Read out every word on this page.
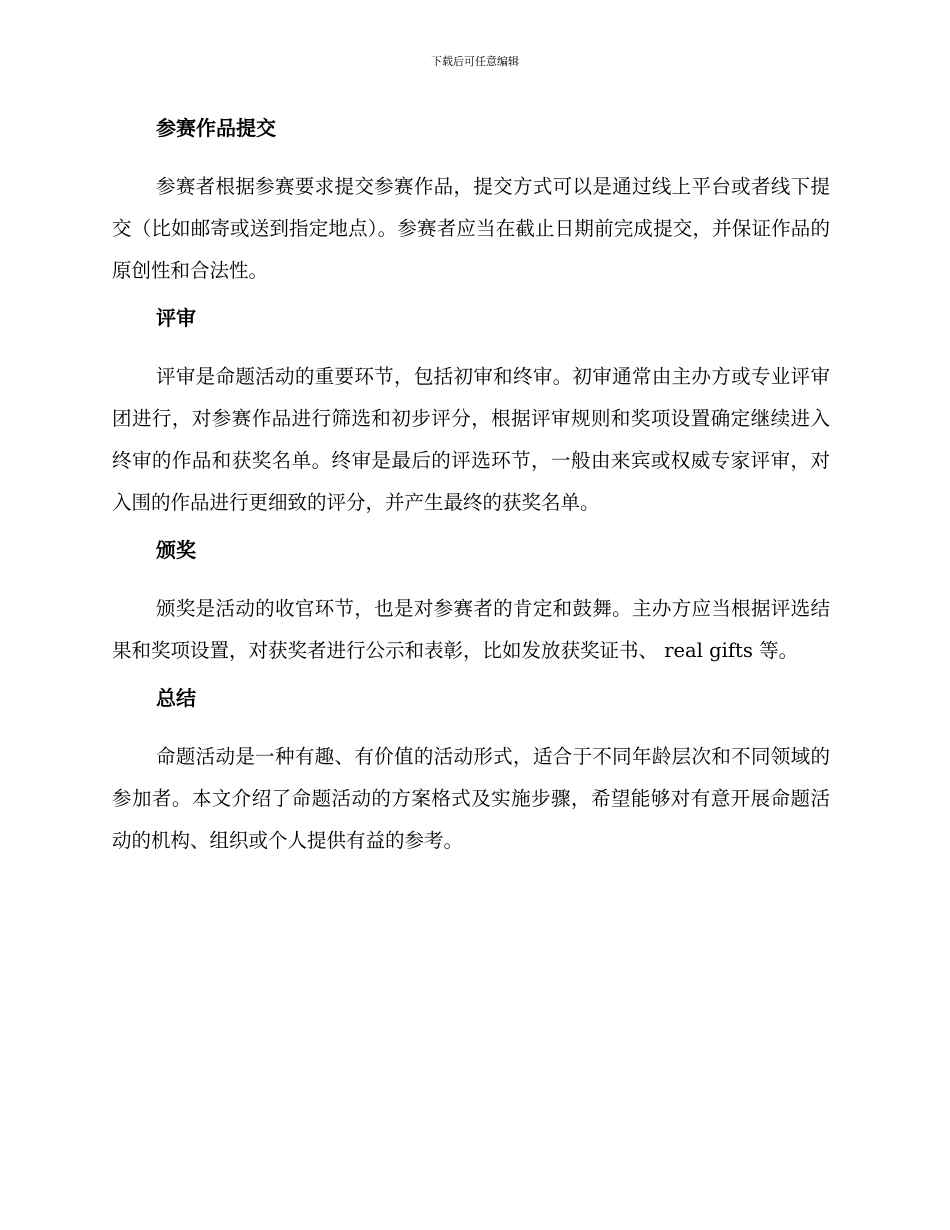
下载后可任意编辑
参赛作品提交

参赛者根据参赛要求提交参赛作品，提交方式可以是通过线上平台或者线下提交（比如邮寄或送到指定地点）。参赛者应当在截止日期前完成提交，并保证作品的原创性和合法性。

评审

评审是命题活动的重要环节，包括初审和终审。初审通常由主办方或专业评审团进行，对参赛作品进行筛选和初步评分，根据评审规则和奖项设置确定继续进入终审的作品和获奖名单。终审是最后的评选环节，一般由来宾或权威专家评审，对入围的作品进行更细致的评分，并产生最终的获奖名单。

颁奖

颁奖是活动的收官环节，也是对参赛者的肯定和鼓舞。主办方应当根据评选结果和奖项设置，对获奖者进行公示和表彰，比如发放获奖证书、 real gifts 等。

总结

命题活动是一种有趣、有价值的活动形式，适合于不同年龄层次和不同领域的参加者。本文介绍了命题活动的方案格式及实施步骤，希望能够对有意开展命题活动的机构、组织或个人提供有益的参考。
